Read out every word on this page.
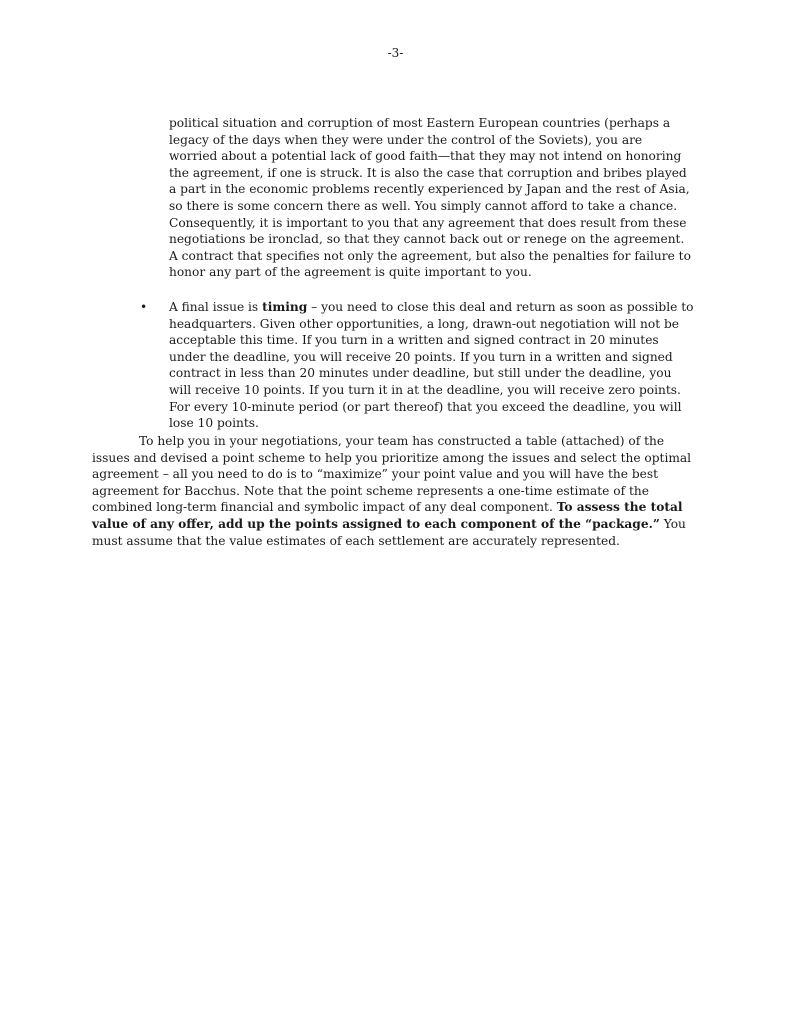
-3-
political situation and corruption of most Eastern European countries (perhaps a legacy of the days when they were under the control of the Soviets), you are worried about a potential lack of good faith—that they may not intend on honoring the agreement, if one is struck. It is also the case that corruption and bribes played a part in the economic problems recently experienced by Japan and the rest of Asia, so there is some concern there as well. You simply cannot afford to take a chance. Consequently, it is important to you that any agreement that does result from these negotiations be ironclad, so that they cannot back out or renege on the agreement. A contract that specifies not only the agreement, but also the penalties for failure to honor any part of the agreement is quite important to you.
•	A final issue is timing – you need to close this deal and return as soon as possible to headquarters. Given other opportunities, a long, drawn-out negotiation will not be acceptable this time. If you turn in a written and signed contract in 20 minutes under the deadline, you will receive 20 points. If you turn in a written and signed contract in less than 20 minutes under deadline, but still under the deadline, you will receive 10 points. If you turn it in at the deadline, you will receive zero points. For every 10-minute period (or part thereof) that you exceed the deadline, you will lose 10 points.
To help you in your negotiations, your team has constructed a table (attached) of the issues and devised a point scheme to help you prioritize among the issues and select the optimal agreement – all you need to do is to “maximize” your point value and you will have the best agreement for Bacchus. Note that the point scheme represents a one-time estimate of the combined long-term financial and symbolic impact of any deal component. To assess the total value of any offer, add up the points assigned to each component of the “package.” You must assume that the value estimates of each settlement are accurately represented.
